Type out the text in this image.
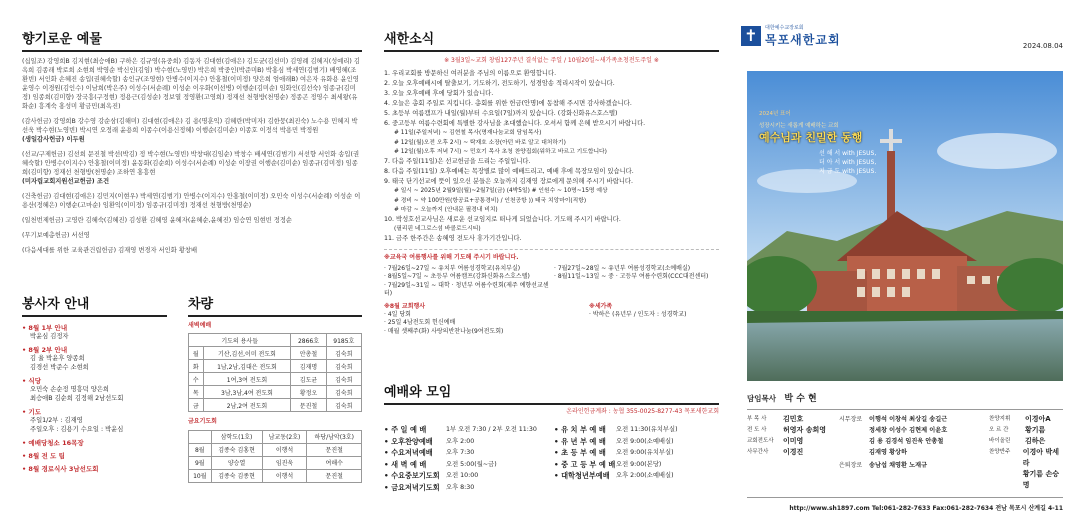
향기로운 예물
(십일조) 강영희B 김지현(최승애B) 구하은 김규영(유중희) 김동자 김대현(김애은) 김도균(김선미) 김영례 김혜지(성예리) 김옥희 김종래 박로희 소현희 박영순 박신인(김임) 박수현(노영빈) 박은희 박중인(박준미B) 박홍심 박세연(김범기) 배영혜(조환빈) 서인화 손혜진 송입(권혜숙할) 송인규(조영현) 안병수(이지수) 안홍철(이미정) 양은희 엄애래B) 여은자 유화용 윤인영 윤영수 이경원(김인수) 이남희(박은주) 이성수(서순례) 이성순 이우화(이선병) 이행순(김미순) 임화인(김선숙) 임종규(김미정) 임종희(김미향) 장국흥(구정현) 정용근(김성순) 정보열 정영환(고영희) 정재선 천형방(천명순) 정종곤 정영수 최세왕(유화순) 흥계숙 홍성미 황금민(최옥진)
(감사헌금) 강영희B 강수영 강순삼(김해미) 김대현(김애은) 김 용(명훈익) 김혜란(박미자) 김한뭉(최진숙) 노수용 민혜지 박선욱 박수현(노영빈) 박시연 오정래 윤용희 이종수(이용신정혜) 이행순(김미순) 이종호 이정석 박용민 박정원
(생일감사헌금) 이두원
(선교/구제헌금) 김선희 문진철 박선(박김) 정 박수현(노영빈) 박창대(김임순) 박창수 배세연(김범기) 서선향 서인화 송입(권혜숙할) 안병수(이지수) 안홍철(이미정) 윤동화(김순희) 이성수(서순례) 이성순 이장권 이행순(김미순) 임종규(김미정) 임종희(김미향) 정재선 천형방(천명순) 조하연 홍흥현
(미자립교회지원선교헌금) 조건
(건축헌금) 김대현(김애은) 김민지(이현우) 박세연(김범기) 안병수(이지수) 안홍철(이미정) 오민숙 이성수(서순례) 이성순 이용산(정혜은) 이행순(고마순) 임환익(이미정) 임종규(김미정) 정재선 천형방(천명순)
(일천번제헌금) 고영란 김혜숙(김혜진) 김성환 김혜영 윤혜자(윤혜순,윤혜진) 임승연 임현빈 정정순
(무기보예총헌금) 서선영
(다음세대를 위한 교육관건립헌금) 김재영 변경자 서인화 황창배
봉사자 안내
• 8월 1부 안내
박윤심 김정자
• 8월 2부 안내
김 율 박윤후 양종희
김경선 박준수 소현희
• 식당
오민숙 손순정 명흥덕 양은희
최승애B 김순희 김정해 2남선도회
• 기도
주일1/2부 : 김재영
주일오후 : 김용기 수요일 : 박윤심
• 예배당청소 16목장
• 8월 전 도 팀
• 8월 경로식사 3남선도회
차량
새벽예배
기도의 용사들		2866호	9185호
월	기산,김선,이미 전도회	안총철	김숙희
화	1남,2남,김대은 전도회	김재명	김숙희
수	1여,3여 전도회	김도균	김숙희
목	3남,3남,4여 전도회	황정오	김숙희
금	2남,2여 전도회	문진철	김숙희
금요기도회
	삼학도(1호)	남교동(2호)	하당/남악(3호)
8월	김종숙 김홍현	이행석	문진철
9월	양승열	임진욱	여해수
10월	김종숙 김종현	이행석	문진철
새한소식
※ 3월3일~교회 창립127주년 결석없는 주일 / 10월20일~새가족초청전도주일 ※
1. 우리교회를 방문하신 여러분을 주님의 이름으로 환영합니다.
2. 오늘 오후예배시에 탈출보기, 기도하기, 전도하기, 성경암송 적리시작이 있습니다.
3. 오늘 오후예배 후에 당회가 있습니다.
4. 오늘은 총회 주일로 지킵니다. 총회를 위한 헌금(안명)에 동참해 주시면 감사하겠습니다.
5. 초등부 여름캠프가 내일(월)부터 수요일(7일)까지 있습니다. (강화신화유스호스텔)
6. 중고등부 여름수련회에 특별한 강사님을 초대했습니다. 오셔서 함께 은혜 받으시기 바랍니다.
# 11일(주일저녁) ~ 김현철 목사(명재나눔교회 담임목사)
# 12일(월)오전 오후 2시) ~ 탁재호 소장(아던 바로 알고 대처하기)
# 12일(월)오후 저녁 7시) ~ 민호기 목사 초청 찬양집회(워하고 바르고 기도합니다)
7. 다음 주일(11일)은 선교헌금을 드리는 주일입니다.
8. 다음 주일(11일) 오후예배는 목장별로 많이 예배드리고, 예배 후에 목장모임이 있습니다.
9. 태국 단기선교에 뜻이 있으신 분들은 오늘까지 김재영 장로에게 문의해 주시기 바랍니다.
# 일시 ~ 2025년 2월9일(월)~2월7일(금) (4박5일) # 인원수 ~ 10명~15명 예상
# 경비 ~ 약 100만원(항공료+공통경비) / 인천공항 )) 태국 치앙마이(직항)
# 마감 ~ 오늘까지 (안내문 필경내 비치)
10. 박성호선교사님은 새로운 선교임지로 떠나게 되었습니다. 기도해 주시기 바랍니다.
(필리핀 네그로스섬 바콜로드시티)
11. 금주 한주간은 송혜영 전도사 휴가기간입니다.
※교육국 여름행사를 위해 기도해 주시기 바랍니다.
· 7월26일~27일 ~ 유치부 여름성경학교(유치부실)
· 8월5일~7일 ~ 초등부 여름캠프(강화신화유스호스텔)
· 7월29일~31일 ~ 대학 · 청년부 여름수련회(제주 예향선교센터)
· 7월27일~28일 ~ 유년부 여름성경학교(소예배실)
· 8월11일~13일 ~ 중 · 고등부 여름수련회(CCC대전센터)
※8월 교회행사
· 4일 당회
· 25일 4남전도회 헌신예배
· 매월 셋째주(화) 사랑의반찬나눔(9여전도회)
※세가족
· 박하은 (유년부 / 인도자 : 성경학교)
예배와 모임
온라인헌금계좌 : 농협 355-0025-8277-43 목포새한교회
• 주 일 예 배	1부 오전 7:30 / 2부 오전 11:30
• 오후찬양예배	오후 2:00
• 수요저녁예배	오후 7:30
• 새 벽 예 배	오전 5:00(월~금)
• 수요중보기도회 오전 10:00
• 금요저녁기도회 오후 8:30
• 유 치 부 예 배	오전 11:30(유치부실)
• 유 년 부 예 배	오전 9:00(소예배실)
• 초 등 부 예 배	오전 9:00(유치부실)
• 중 고 등 부 예 배 오전 9:00(본당)
• 대학청년부예배 오후 2:00(소예배실)
✝	대한예수교장로회
목포새한교회	2024.08.04
2024년 표어
성장시키는 새롭게 예배하는 교회
예수님과 친밀한 동행
선 해 서 with JESUS,
더 아 서 with JESUS,
지 금 도 with JESUS.
담임목사 박 수 현
부 목 사	김민호
전 도 사	허영자 송희영
교회전도사	이미영
사무간사	이경진
시무장로	이행석 이창석 최상길 송길근
정세창 이성수 김현제 이윤호
김 용 김경석 임진욱 안총철
김재영 황상하
은퇴장로	송남섭 채영환 노재규
찬양지휘	이경아A
오 르 간	황기름
바이올린	김하은
찬양반주	이경아 박세라
황기름 손승명
http://www.sh1897.com Tel:061-282-7633 Fax:061-282-7634 전남 목포시 산계길 4-11
